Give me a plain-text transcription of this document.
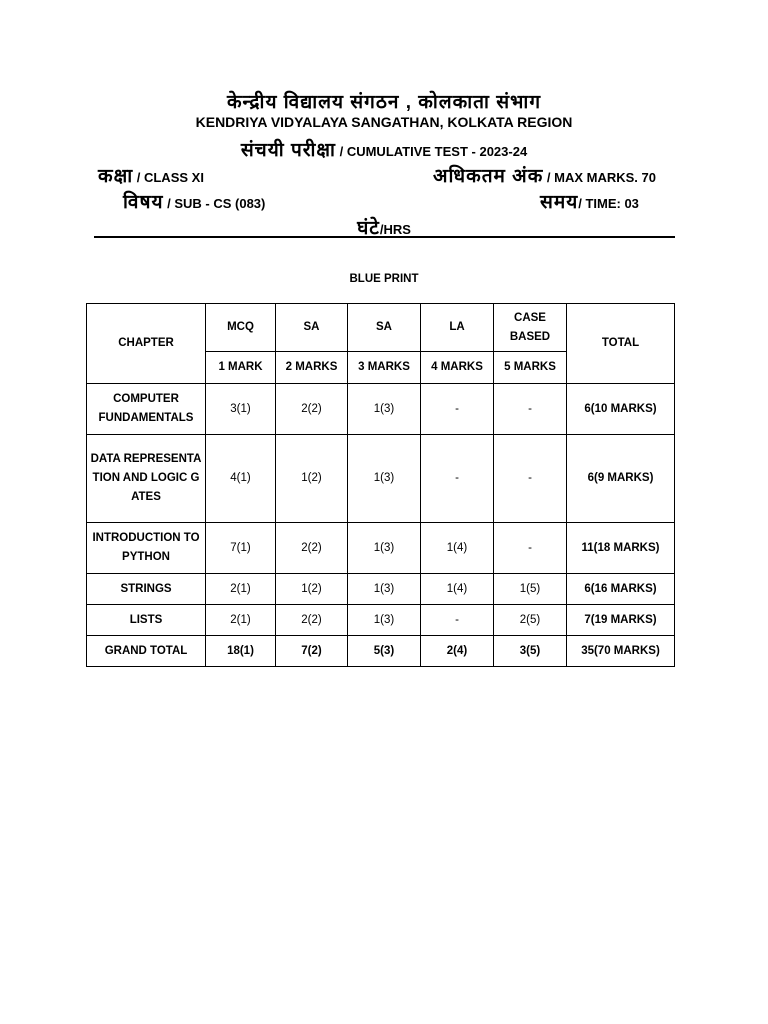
केन्द्रीय विद्यालय संगठन , कोलकाता संभाग
KENDRIYA VIDYALAYA SANGATHAN, KOLKATA REGION
संचयी परीक्षा / CUMULATIVE TEST - 2023-24
कक्षा / CLASS XI	अधिकतम अंक / MAX MARKS. 70
विषय / SUB - CS (083)	समय/ TIME: 03
घंटे/HRS
BLUE PRINT
CHAPTER	MCQ	SA	SA	LA	CASE BASED	TOTAL
	1 MARK	2 MARKS	3 MARKS	4 MARKS	5 MARKS	
COMPUTER FUNDAMENTALS	3(1)	2(2)	1(3)	-	-	6(10 MARKS)
DATA REPRESENTATION AND LOGIC GATES	4(1)	1(2)	1(3)	-	-	6(9 MARKS)
INTRODUCTION TO PYTHON	7(1)	2(2)	1(3)	1(4)	-	11(18 MARKS)
STRINGS	2(1)	1(2)	1(3)	1(4)	1(5)	6(16 MARKS)
LISTS	2(1)	2(2)	1(3)	-	2(5)	7(19 MARKS)
GRAND TOTAL	18(1)	7(2)	5(3)	2(4)	3(5)	35(70 MARKS)
